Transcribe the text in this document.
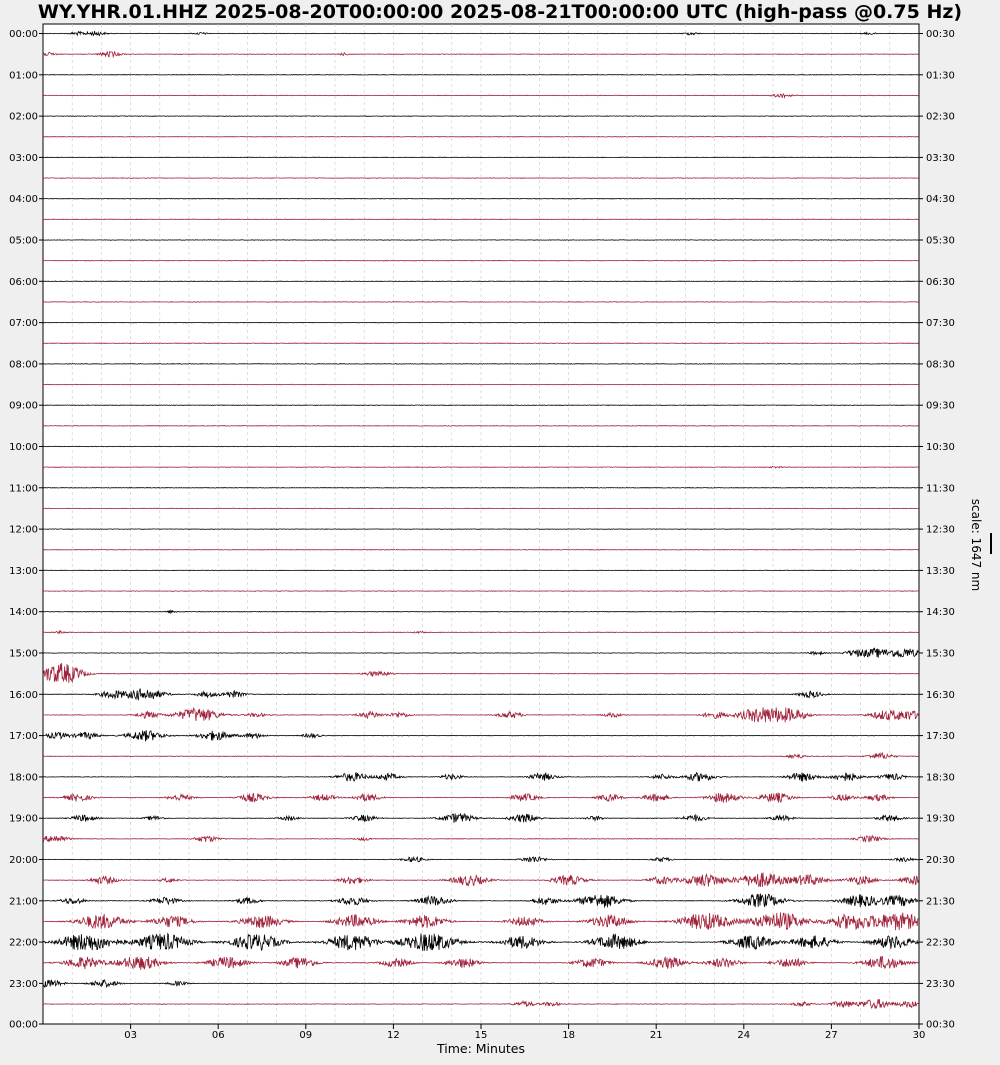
WY.YHR.01.HHZ 2025-08-20T00:00:00 2025-08-21T00:00:00 UTC (high-pass @0.75 Hz)
00:00
01:00
02:00
03:00
04:00
05:00
06:00
07:00
08:00
09:00
10:00
11:00
12:00
13:00
14:00
15:00
16:00
17:00
18:00
19:00
20:00
21:00
22:00
23:00
00:00
00:30
01:30
02:30
03:30
04:30
05:30
06:30
07:30
08:30
09:30
10:30
11:30
12:30
13:30
14:30
15:30
16:30
17:30
18:30
19:30
20:30
21:30
22:30
23:30
00:30
03	06	09	12	15	18	21	24	27	30
scale: 1647 nm
Time: Minutes
